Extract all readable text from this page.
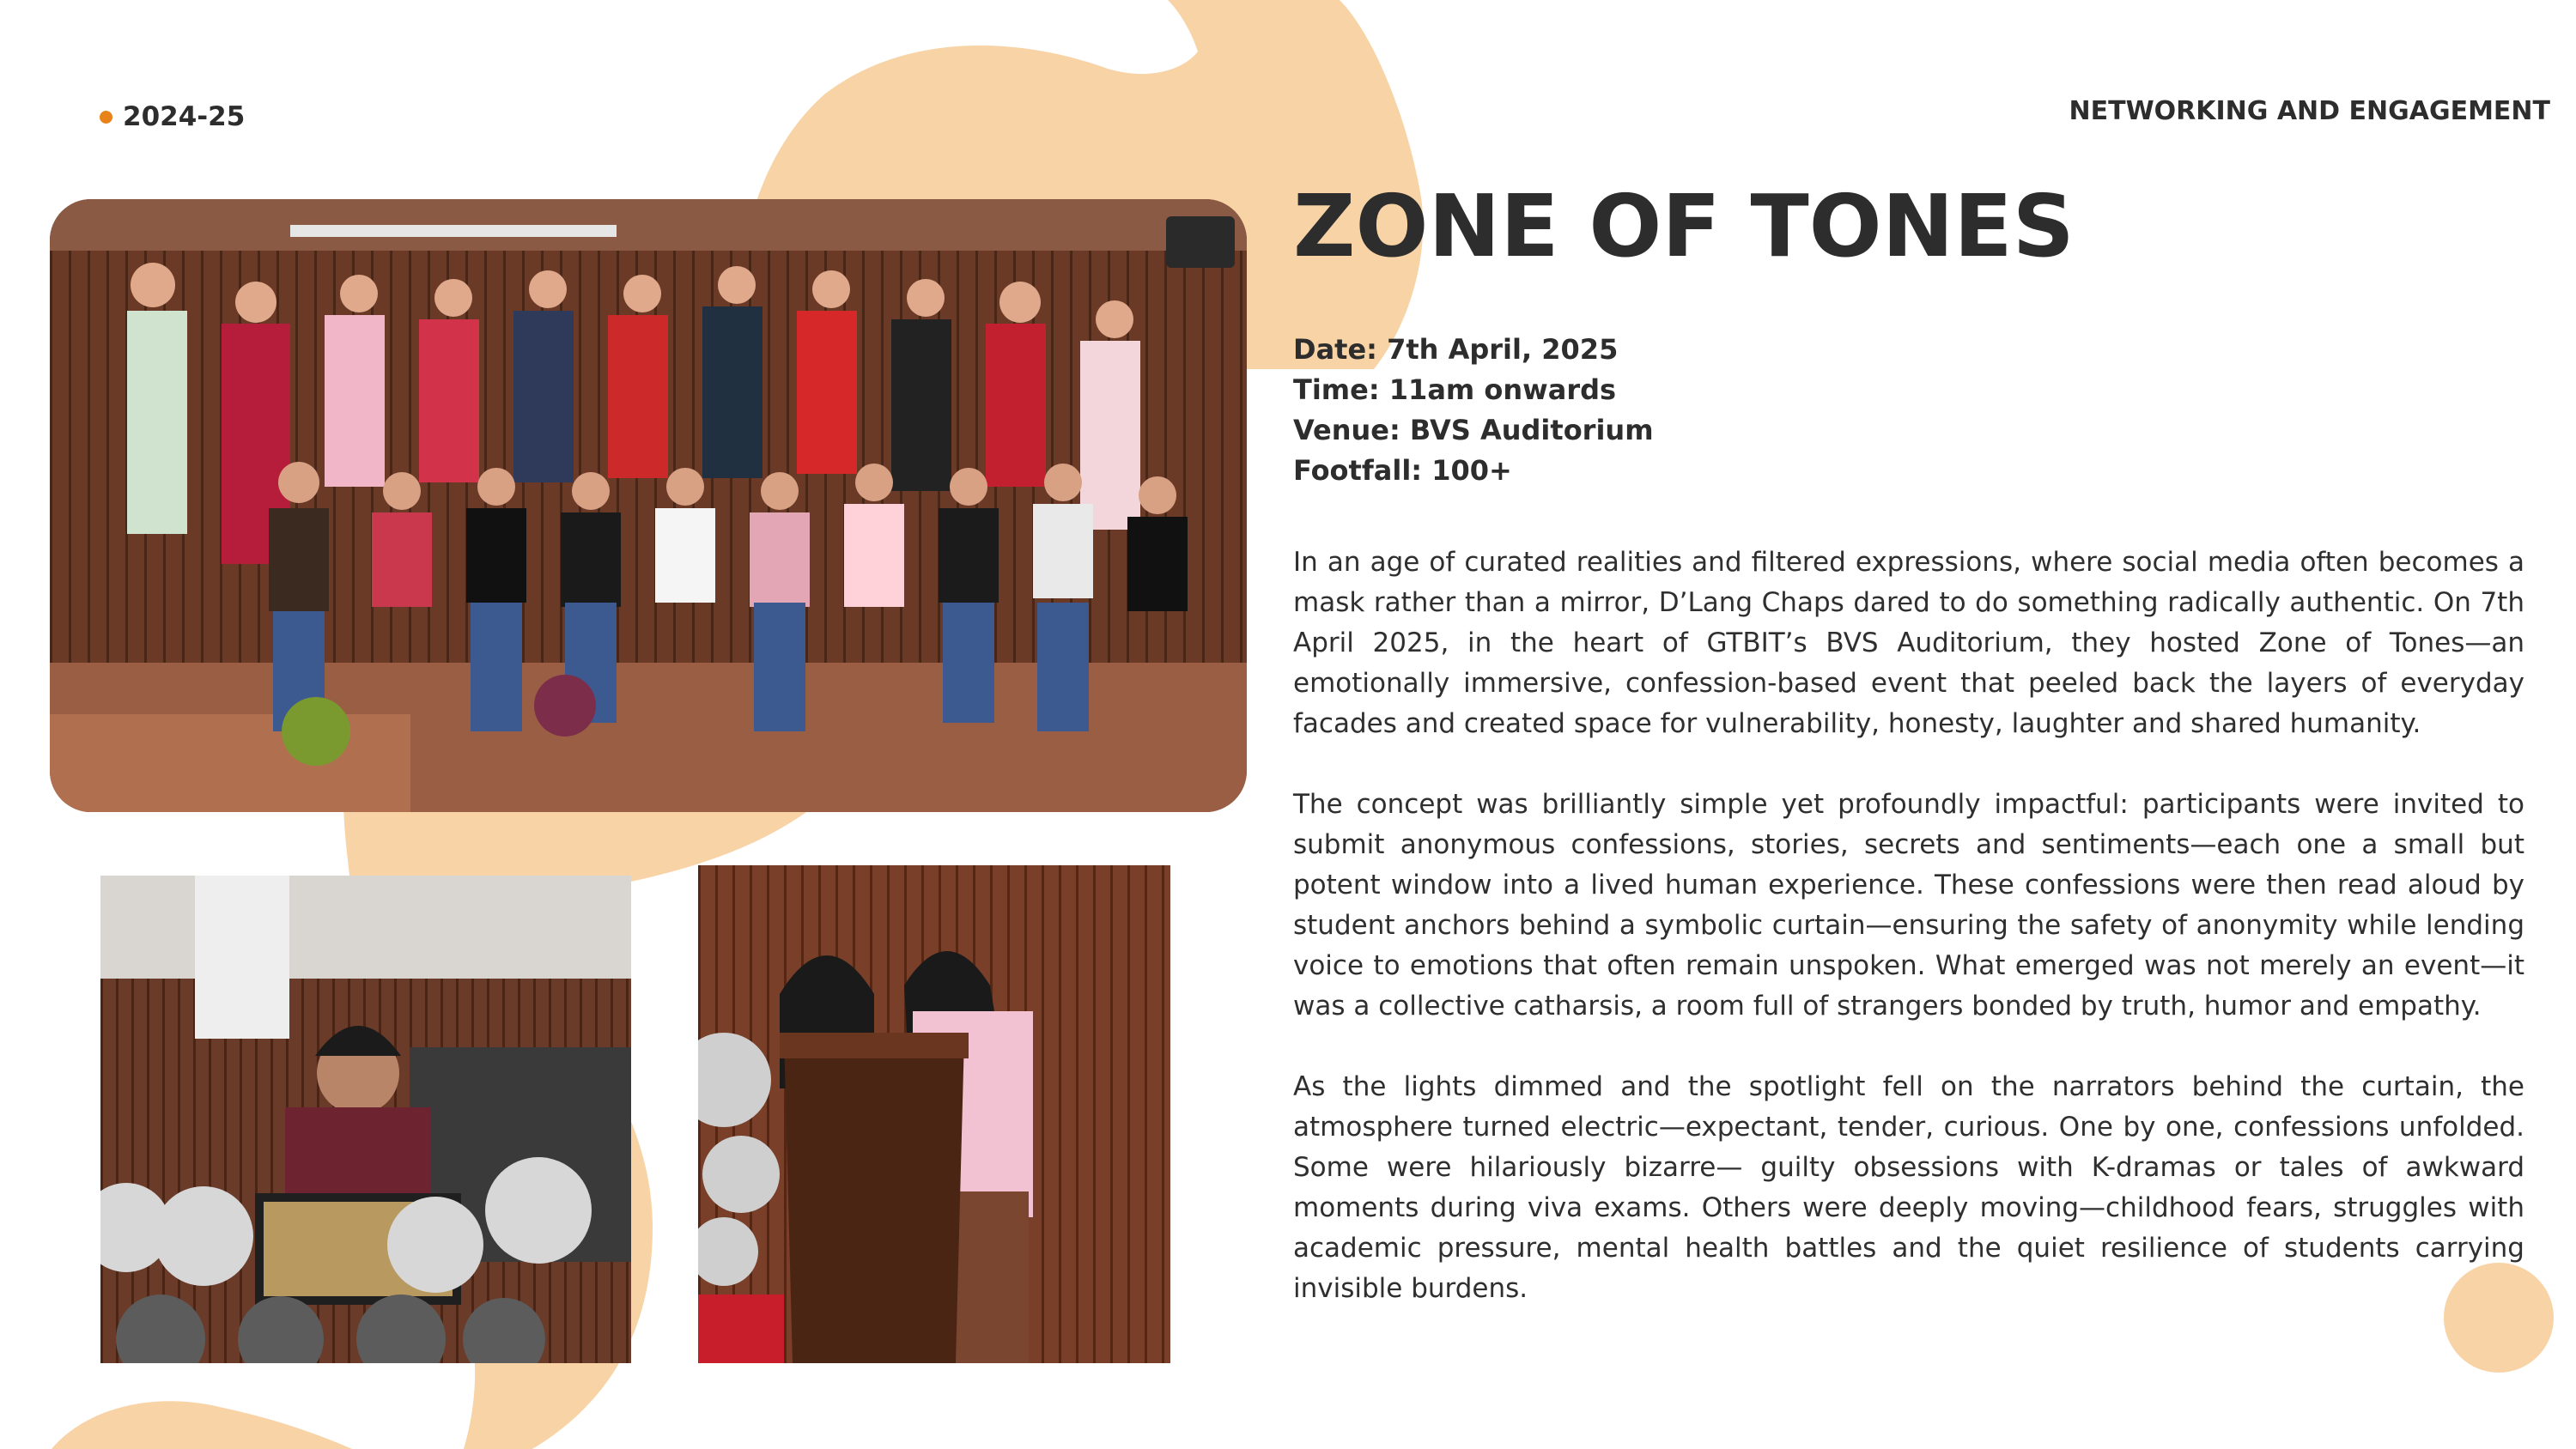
2024-25	NETWORKING AND ENGAGEMENT
ZONE OF TONES
Date: 7th April, 2025
Time: 11am onwards
Venue: BVS Auditorium
Footfall: 100+

In an age of curated realities and filtered expressions, where social media often becomes a mask rather than a mirror, D’Lang Chaps dared to do something radically authentic. On 7th April 2025, in the heart of GTBIT’s BVS Auditorium, they hosted Zone of Tones—an emotionally immersive, confession-based event that peeled back the layers of everyday facades and created space for vulnerability, honesty, laughter and shared humanity.

The concept was brilliantly simple yet profoundly impactful: participants were invited to submit anonymous confessions, stories, secrets and sentiments—each one a small but potent window into a lived human experience. These confessions were then read aloud by student anchors behind a symbolic curtain—ensuring the safety of anonymity while lending voice to emotions that often remain unspoken. What emerged was not merely an event—it was a collective catharsis, a room full of strangers bonded by truth, humor and empathy.

As the lights dimmed and the spotlight fell on the narrators behind the curtain, the atmosphere turned electric—expectant, tender, curious. One by one, confessions unfolded. Some were hilariously bizarre— guilty obsessions with K-dramas or tales of awkward moments during viva exams. Others were deeply moving—childhood fears, struggles with academic pressure, mental health battles and the quiet resilience of students carrying invisible burdens.
